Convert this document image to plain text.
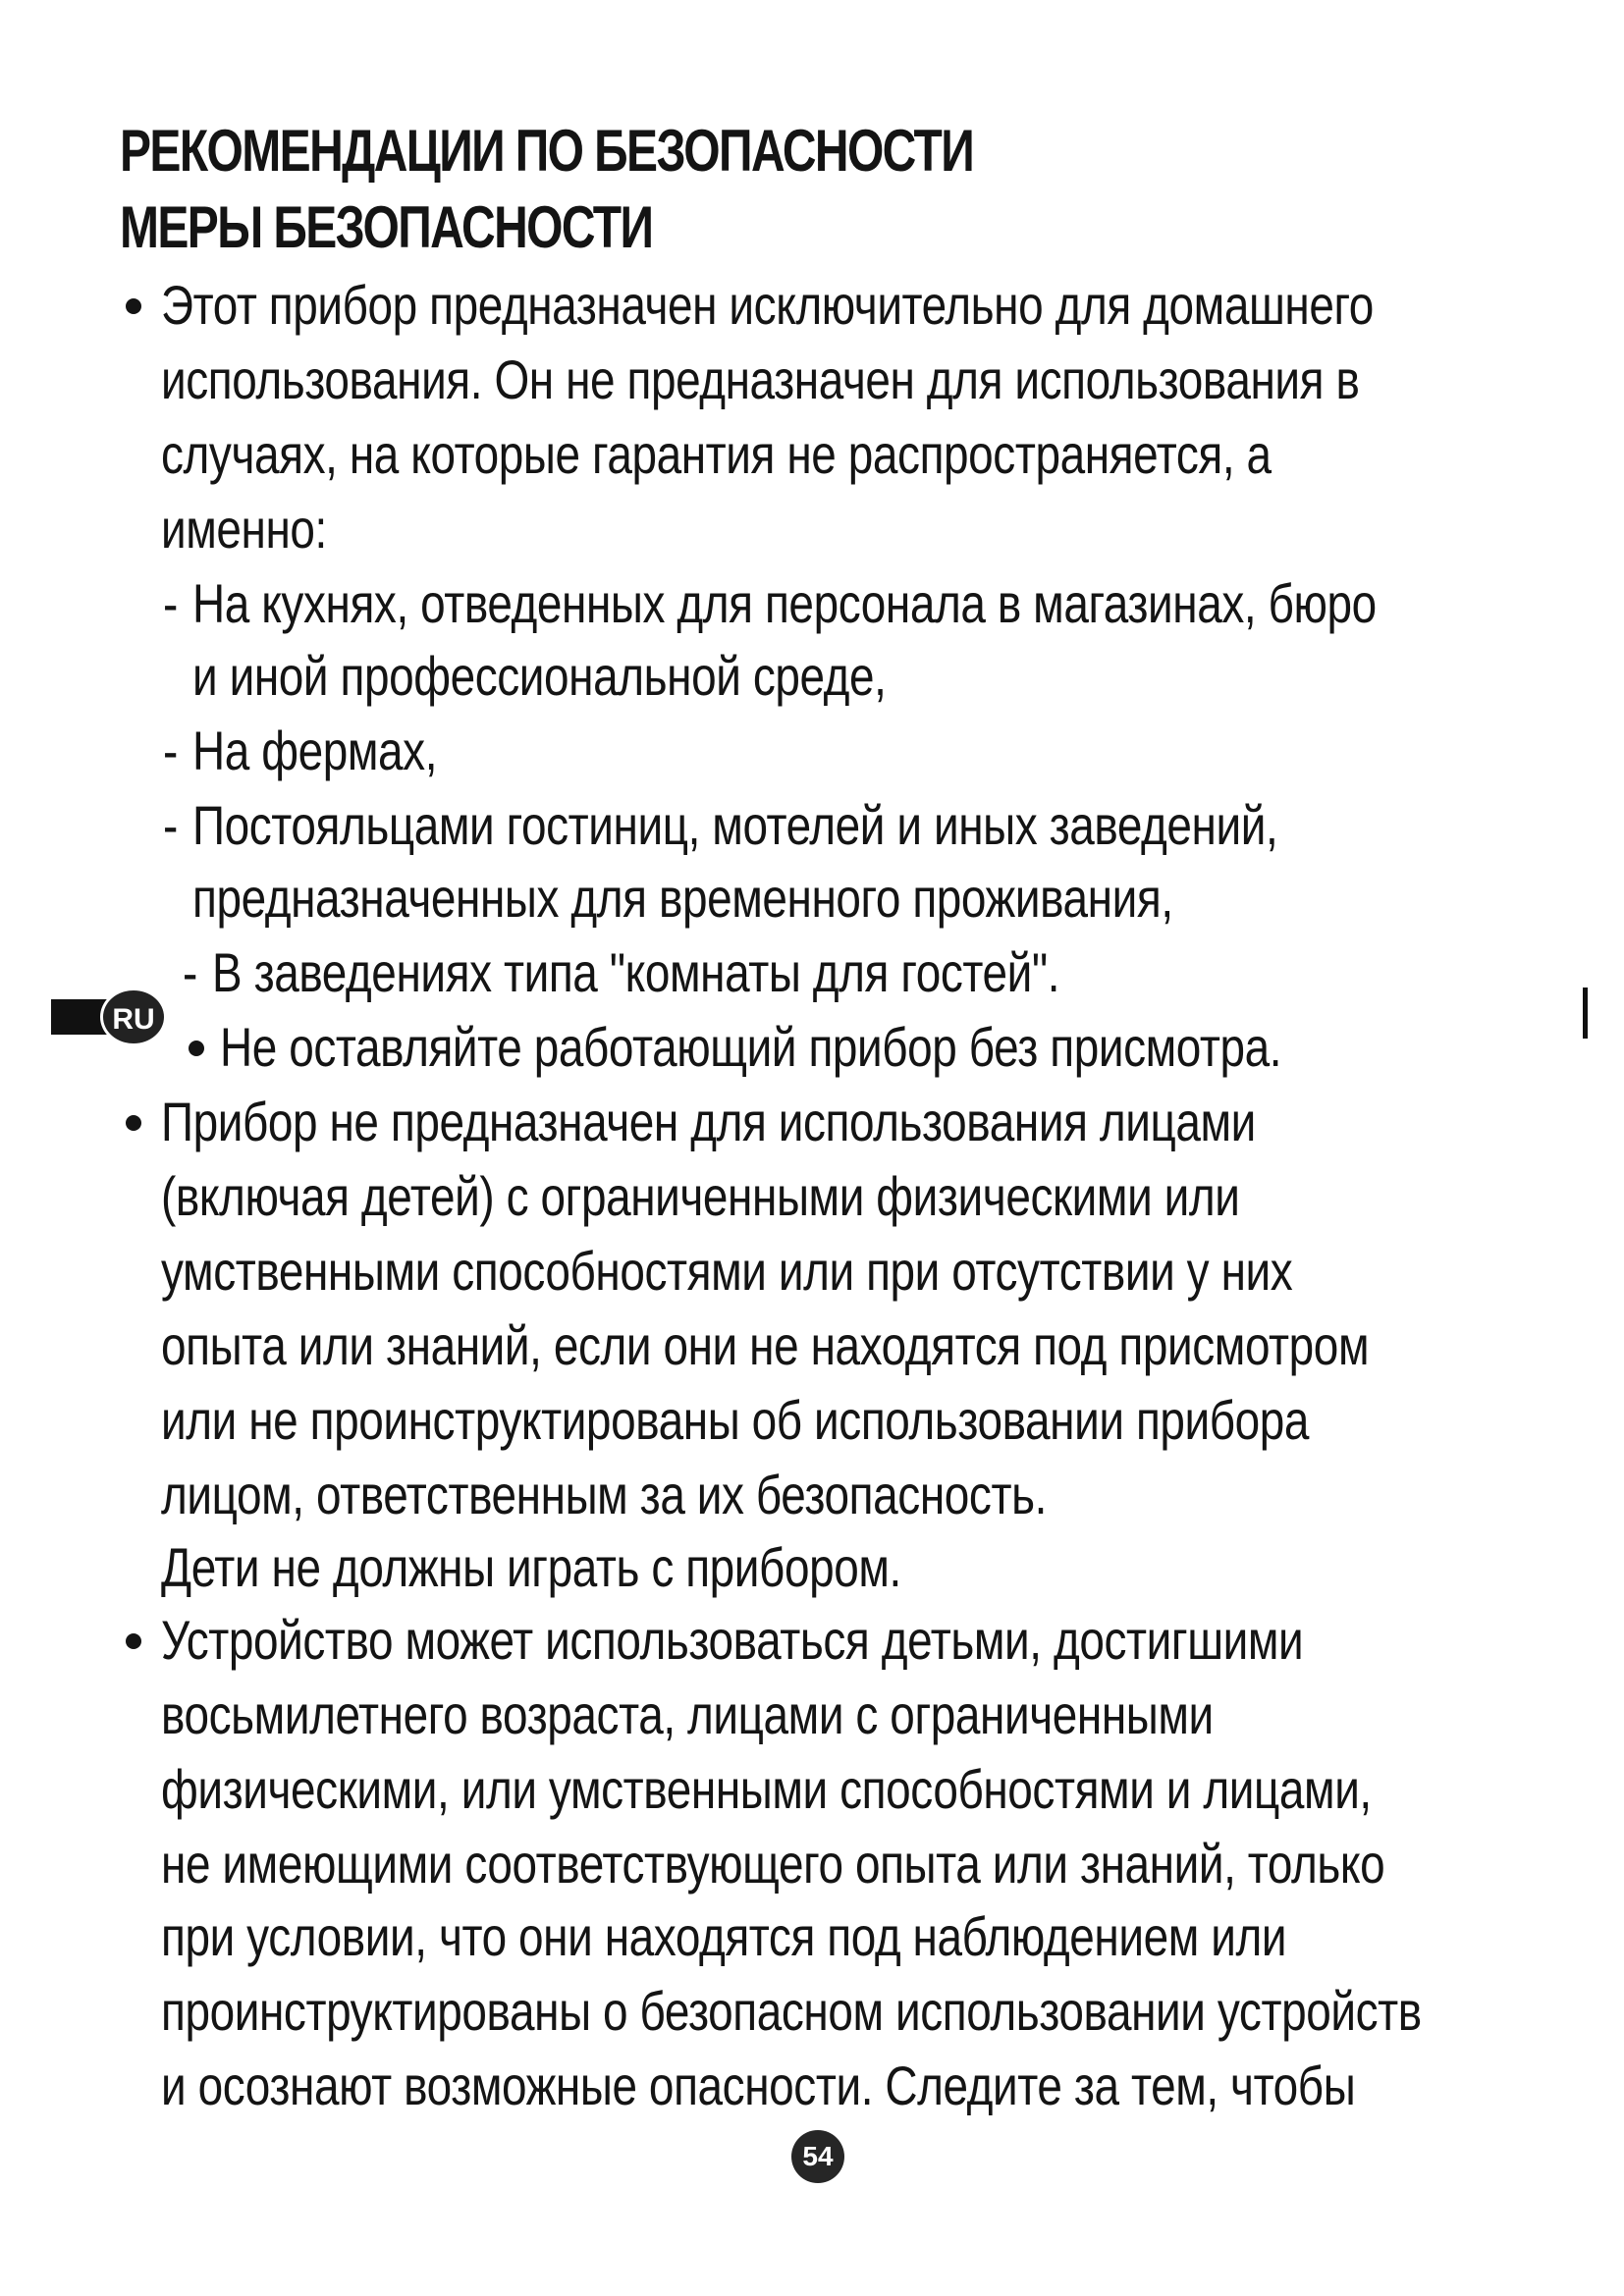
РЕКОМЕНДАЦИИ ПО БЕЗОПАСНОСТИ
МЕРЫ БЕЗОПАСНОСТИ
Этот прибор предназначен исключительно для домашнего
использования. Он не предназначен для использования в
случаях, на которые гарантия не распространяется, а
именно:
- На кухнях, отведенных для персонала в магазинах, бюро
и иной профессиональной среде,
- На фермах,
- Постояльцами гостиниц, мотелей и иных заведений,
предназначенных для временного проживания,
- В заведениях типа "комнаты для гостей".
RU Не оставляйте работающий прибор без присмотра.
Прибор не предназначен для использования лицами
(включая детей) с ограниченными физическими или
умственными способностями или при отсутствии у них
опыта или знаний, если они не находятся под присмотром
или не проинструктированы об использовании прибора
лицом, ответственным за их безопасность.
Дети не должны играть с прибором.
Устройство может использоваться детьми, достигшими
восьмилетнего возраста, лицами с ограниченными
физическими, или умственными способностями и лицами,
не имеющими соответствующего опыта или знаний, только
при условии, что они находятся под наблюдением или
проинструктированы о безопасном использовании устройств
и осознают возможные опасности. Следите за тем, чтобы
54
